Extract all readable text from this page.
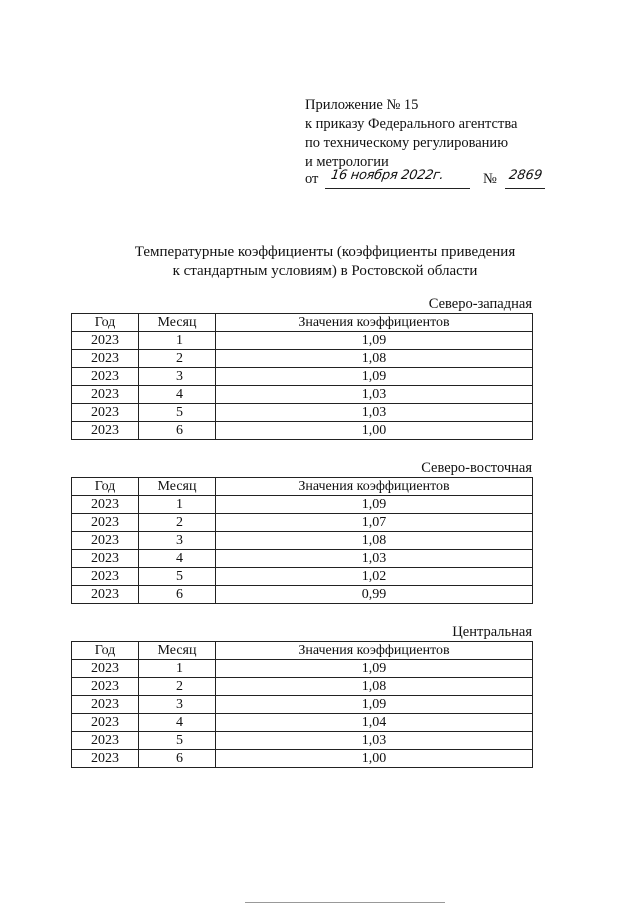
Приложение № 15
к приказу Федерального агентства
по техническому регулированию
и метрологии
от 16 ноября 2022г.	№ 2869
Температурные коэффициенты (коэффициенты приведения
к стандартным условиям) в Ростовской области
Северо-западная
Год	Месяц	Значения коэффициентов
2023	1	1,09
2023	2	1,08
2023	3	1,09
2023	4	1,03
2023	5	1,03
2023	6	1,00
Северо-восточная
Год	Месяц	Значения коэффициентов
2023	1	1,09
2023	2	1,07
2023	3	1,08
2023	4	1,03
2023	5	1,02
2023	6	0,99
Центральная
Год	Месяц	Значения коэффициентов
2023	1	1,09
2023	2	1,08
2023	3	1,09
2023	4	1,04
2023	5	1,03
2023	6	1,00
